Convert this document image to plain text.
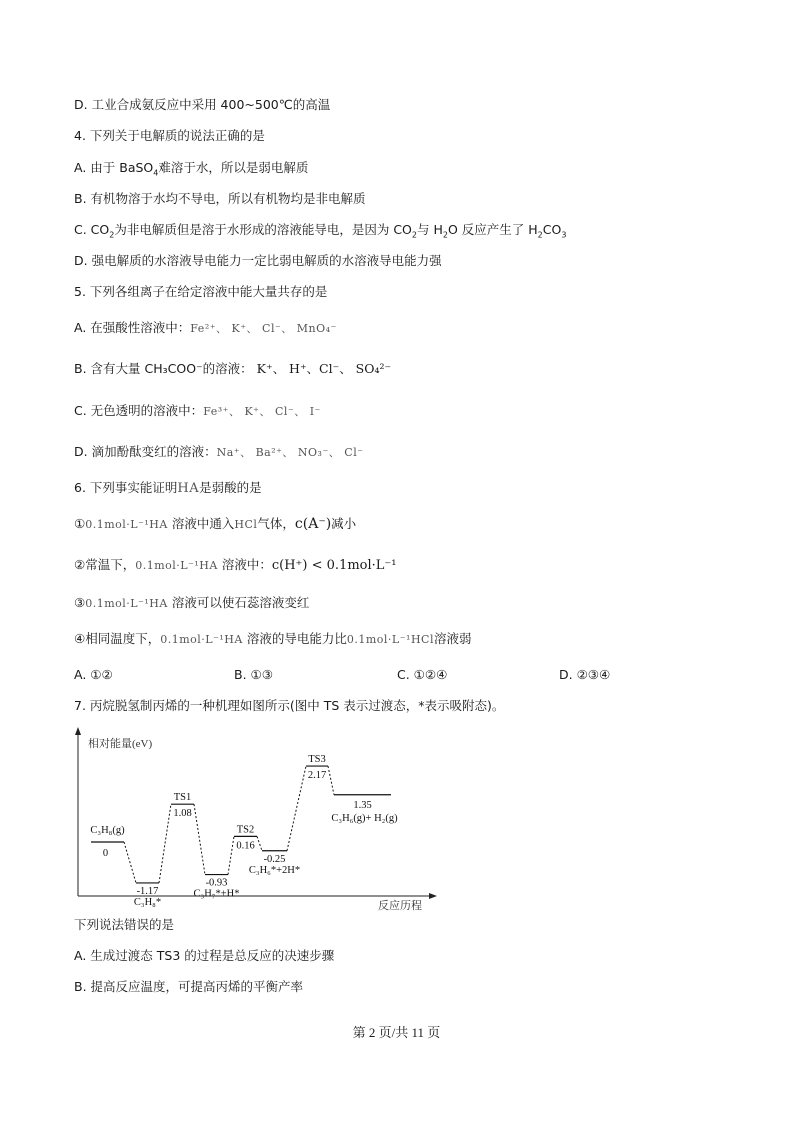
D. 工业合成氨反应中采用 400~500℃的高温
4. 下列关于电解质的说法正确的是
A. 由于 BaSO$_4$难溶于水，所以是弱电解质
B. 有机物溶于水均不导电，所以有机物均是非电解质
C. $CO_2$为非电解质但是溶于水形成的溶液能导电，是因为 $CO_2$与 $H_2O$ 反应产生了 $H_2CO_3$
D. 强电解质的水溶液导电能力一定比弱电解质的水溶液导电能力强
5. 下列各组离子在给定溶液中能大量共存的是
A. 在强酸性溶液中：Fe²⁺、 K⁺、 Cl⁻、 MnO₄⁻
B. 含有大量 CH₃COO⁻的溶液： K⁺、 H⁺、Cl⁻、 SO₄²⁻
C. 无色透明的溶液中：Fe³⁺、 K⁺、 Cl⁻、 I⁻
D. 滴加酚酞变红的溶液：Na⁺、 Ba²⁺、 NO₃⁻、 Cl⁻
6. 下列事实能证明HA是弱酸的是
①0.1mol·L⁻¹HA 溶液中通入HCl气体，c(A⁻)减小
②常温下，0.1mol·L⁻¹HA 溶液中：c(H⁺) < 0.1mol·L⁻¹
③0.1mol·L⁻¹HA 溶液可以使石蕊溶液变红
④相同温度下，0.1mol·L⁻¹HA 溶液的导电能力比0.1mol·L⁻¹HCl溶液弱
A. ①②	B. ①③	C. ①②④	D. ②③④
7. 丙烷脱氢制丙烯的一种机理如图所示(图中 TS 表示过渡态，*表示吸附态)。
相对能量(eV)
反应历程
0
C₃H₈(g)
-1.17
C₃H₈*
1.08
TS1
-0.93
C₃H₇*+H*
0.16
TS2
-0.25
C₃H₆*+2H*
2.17
TS3
1.35
C₃H₆(g)+ H₂(g)
下列说法错误的是
A. 生成过渡态 TS3 的过程是总反应的决速步骤
B. 提高反应温度，可提高丙烯的平衡产率
第 2 页/共 11 页
